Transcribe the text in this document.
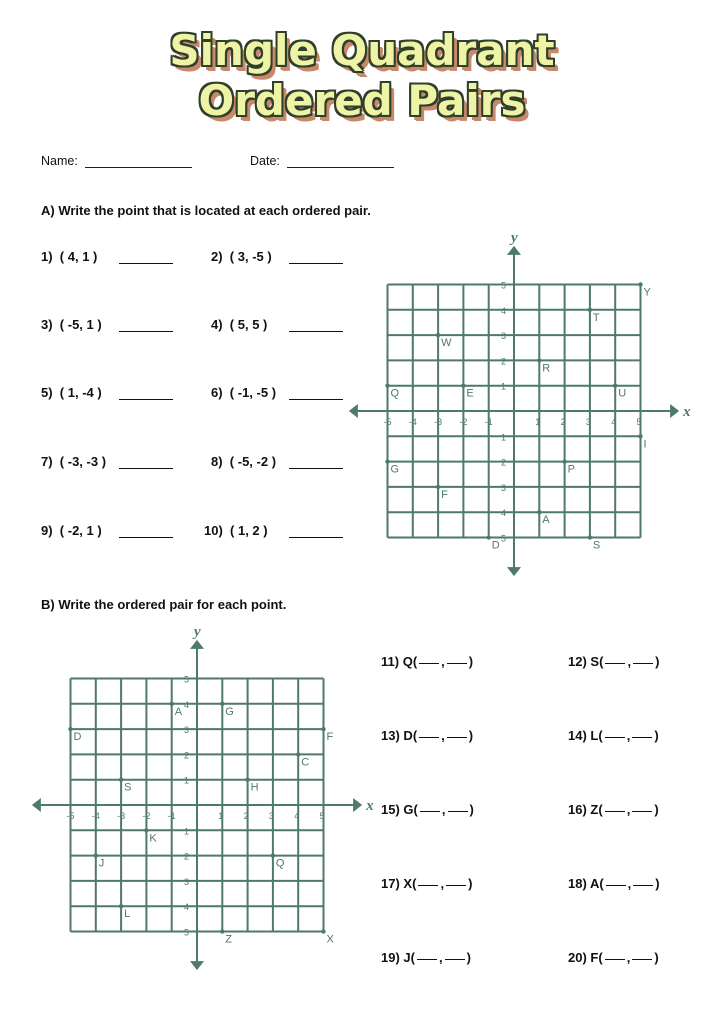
Single Quadrant
Ordered Pairs
Name:	Date:
A) Write the point that is located at each ordered pair.
1) ( 4, 1 )	2) ( 3, -5 )
3) ( -5, 1 )	4) ( 5, 5 )
5) ( 1, -4 )	6) ( -1, -5 )
7) ( -3, -3 )	8) ( -5, -2 )
9) ( -2, 1 )	10) ( 1, 2 )
B) Write the ordered pair for each point.
11) Q( , )	12) S( , )
13) D( , )	14) L( , )
15) G( , )	16) Z( , )
17) X( , )	18) A( , )
19) J( , )	20) F( , )
x
y
-5
5
-4
4
-3
3
-2
2
-1
1
1
1
2
2
3
3
4
4
5
5
Y
T
W
R
Q	E	U
I
G	P
F
A
D	S
x
y
-5
5
-4
4
-3
3
-2
2
-1
1
1
1
2
2
3
3
4
4
5
5
A	G
D	F
C
S	H
K
J	Q
L
Z	X
